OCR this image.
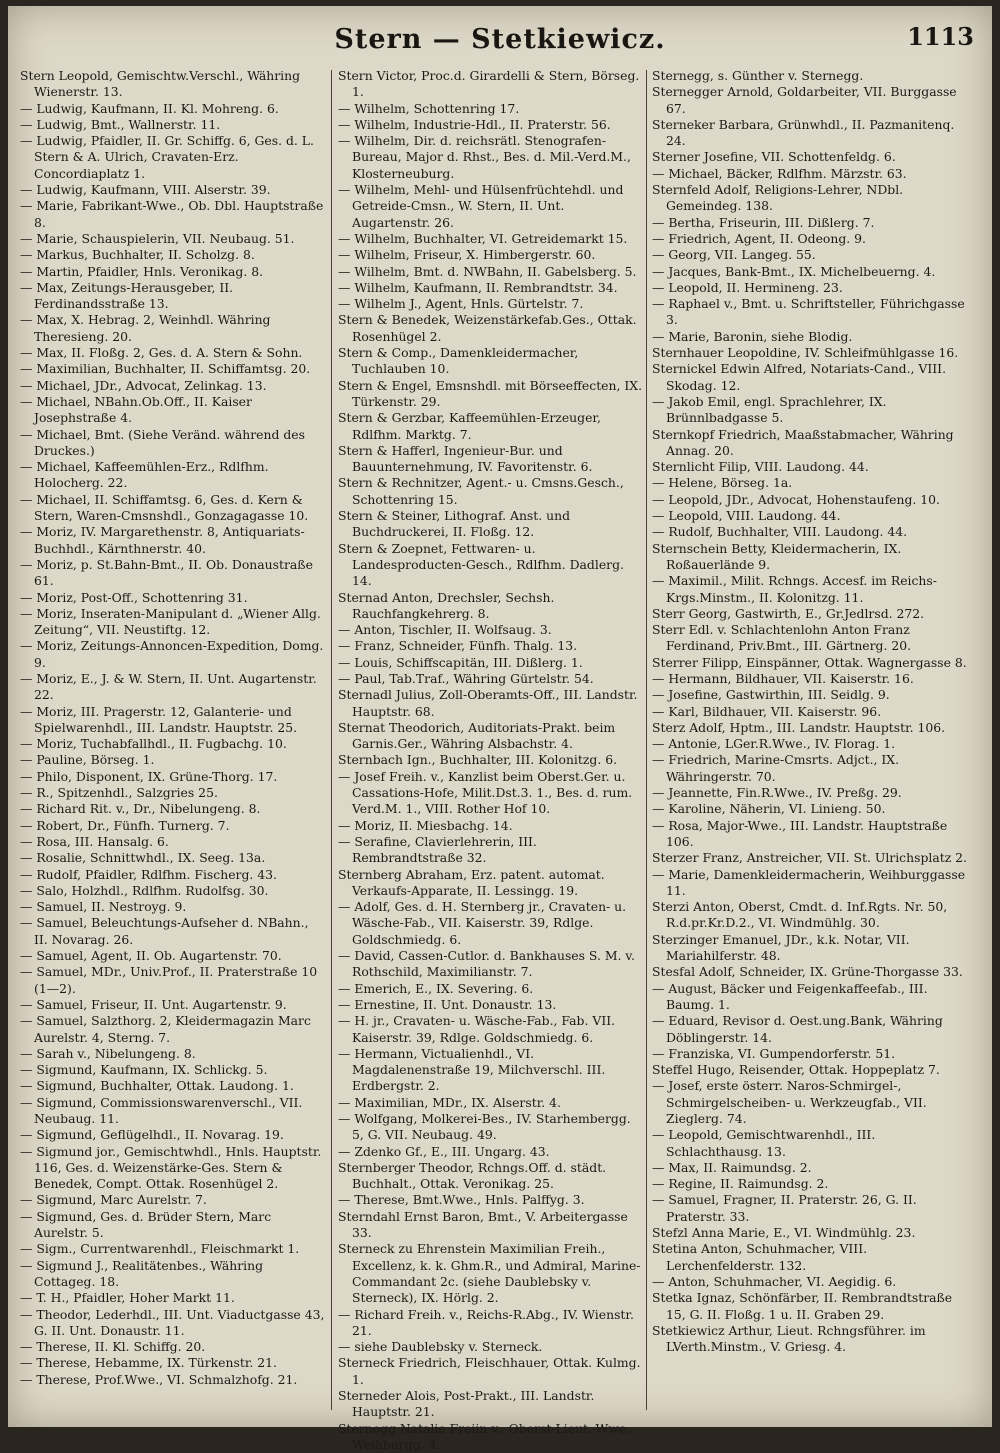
Stern — Stetkiewicz.	1113

Stern Leopold, Gemischtw.Verschl., Währing Wienerstr. 13.

— Ludwig, Kaufmann, II. Kl. Mohreng. 6.

— Ludwig, Bmt., Wallnerstr. 11.

— Ludwig, Pfaidler, II. Gr. Schiffg. 6, Ges. d. L. Stern & A. Ulrich, Cravaten-Erz. Concordiaplatz 1.

— Ludwig, Kaufmann, VIII. Alserstr. 39.

— Marie, Fabrikant-Wwe., Ob. Dbl. Hauptstraße 8.

— Marie, Schauspielerin, VII. Neubaug. 51.

— Markus, Buchhalter, II. Scholzg. 8.

— Martin, Pfaidler, Hnls. Veronikag. 8.

— Max, Zeitungs-Herausgeber, II. Ferdinandsstraße 13.

— Max, X. Hebrag. 2, Weinhdl. Währing Theresieng. 20.

— Max, II. Floßg. 2, Ges. d. A. Stern & Sohn.

— Maximilian, Buchhalter, II. Schiffamtsg. 20.

— Michael, JDr., Advocat, Zelinkag. 13.

— Michael, NBahn.Ob.Off., II. Kaiser Josephstraße 4.

— Michael, Bmt. (Siehe Veränd. während des Druckes.)

— Michael, Kaffeemühlen-Erz., Rdlfhm. Holocherg. 22.

— Michael, II. Schiffamtsg. 6, Ges. d. Kern & Stern, Waren-Cmsnshdl., Gonzagagasse 10.

— Moriz, IV. Margarethenstr. 8, Antiquariats-Buchhdl., Kärnthnerstr. 40.

— Moriz, p. St.Bahn-Bmt., II. Ob. Donaustraße 61.

— Moriz, Post-Off., Schottenring 31.

— Moriz, Inseraten-Manipulant d. „Wiener Allg. Zeitung“, VII. Neustiftg. 12.

— Moriz, Zeitungs-Annoncen-Expedition, Domg. 9.

— Moriz, E., J. & W. Stern, II. Unt. Augartenstr. 22.

— Moriz, III. Pragerstr. 12, Galanterie- und Spielwarenhdl., III. Landstr. Hauptstr. 25.

— Moriz, Tuchabfallhdl., II. Fugbachg. 10.

— Pauline, Börseg. 1.

— Philo, Disponent, IX. Grüne-Thorg. 17.

— R., Spitzenhdl., Salzgries 25.

— Richard Rit. v., Dr., Nibelungeng. 8.

— Robert, Dr., Fünfh. Turnerg. 7.

— Rosa, III. Hansalg. 6.

— Rosalie, Schnittwhdl., IX. Seeg. 13a.

— Rudolf, Pfaidler, Rdlfhm. Fischerg. 43.

— Salo, Holzhdl., Rdlfhm. Rudolfsg. 30.

— Samuel, II. Nestroyg. 9.

— Samuel, Beleuchtungs-Aufseher d. NBahn., II. Novarag. 26.

— Samuel, Agent, II. Ob. Augartenstr. 70.

— Samuel, MDr., Univ.Prof., II. Praterstraße 10 (1—2).

— Samuel, Friseur, II. Unt. Augartenstr. 9.

— Samuel, Salzthorg. 2, Kleidermagazin Marc Aurelstr. 4, Sterng. 7.

— Sarah v., Nibelungeng. 8.

— Sigmund, Kaufmann, IX. Schlickg. 5.

— Sigmund, Buchhalter, Ottak. Laudong. 1.

— Sigmund, Commissionswarenverschl., VII. Neubaug. 11.

— Sigmund, Geflügelhdl., II. Novarag. 19.

— Sigmund jor., Gemischtwhdl., Hnls. Hauptstr. 116, Ges. d. Weizenstärke-Ges. Stern & Benedek, Compt. Ottak. Rosenhügel 2.

— Sigmund, Marc Aurelstr. 7.

— Sigmund, Ges. d. Brüder Stern, Marc Aurelstr. 5.

— Sigm., Currentwarenhdl., Fleischmarkt 1.

— Sigmund J., Realitätenbes., Währing Cottageg. 18.

— T. H., Pfaidler, Hoher Markt 11.

— Theodor, Lederhdl., III. Unt. Viaductgasse 43, G. II. Unt. Donaustr. 11.

— Therese, II. Kl. Schiffg. 20.

— Therese, Hebamme, IX. Türkenstr. 21.

— Therese, Prof.Wwe., VI. Schmalzhofg. 21.

Stern Victor, Proc.d. Girardelli & Stern, Börseg. 1.

— Wilhelm, Schottenring 17.

— Wilhelm, Industrie-Hdl., II. Praterstr. 56.

— Wilhelm, Dir. d. reichsrätl. Stenografen-Bureau, Major d. Rhst., Bes. d. Mil.-Verd.M., Klosterneuburg.

— Wilhelm, Mehl- und Hülsenfrüchtehdl. und Getreide-Cmsn., W. Stern, II. Unt. Augartenstr. 26.

— Wilhelm, Buchhalter, VI. Getreidemarkt 15.

— Wilhelm, Friseur, X. Himbergerstr. 60.

— Wilhelm, Bmt. d. NWBahn, II. Gabelsberg. 5.

— Wilhelm, Kaufmann, II. Rembrandtstr. 34.

— Wilhelm J., Agent, Hnls. Gürtelstr. 7.

Stern & Benedek, Weizenstärkefab.Ges., Ottak. Rosenhügel 2.

Stern & Comp., Damenkleidermacher, Tuchlauben 10.

Stern & Engel, Emsnshdl. mit Börseeffecten, IX. Türkenstr. 29.

Stern & Gerzbar, Kaffeemühlen-Erzeuger, Rdlfhm. Marktg. 7.

Stern & Hafferl, Ingenieur-Bur. und Bauunternehmung, IV. Favoritenstr. 6.

Stern & Rechnitzer, Agent.- u. Cmsns.Gesch., Schottenring 15.

Stern & Steiner, Lithograf. Anst. und Buchdruckerei, II. Floßg. 12.

Stern & Zoepnet, Fettwaren- u. Landesproducten-Gesch., Rdlfhm. Dadlerg. 14.

Sternad Anton, Drechsler, Sechsh. Rauchfangkehrerg. 8.

— Anton, Tischler, II. Wolfsaug. 3.

— Franz, Schneider, Fünfh. Thalg. 13.

— Louis, Schiffscapitän, III. Dißlerg. 1.

— Paul, Tab.Traf., Währing Gürtelstr. 54.

Sternadl Julius, Zoll-Oberamts-Off., III. Landstr. Hauptstr. 68.

Sternat Theodorich, Auditoriats-Prakt. beim Garnis.Ger., Währing Alsbachstr. 4.

Sternbach Ign., Buchhalter, III. Kolonitzg. 6.

— Josef Freih. v., Kanzlist beim Oberst.Ger. u. Cassations-Hofe, Milit.Dst.3. 1., Bes. d. rum. Verd.M. 1., VIII. Rother Hof 10.

— Moriz, II. Miesbachg. 14.

— Serafine, Clavierlehrerin, III. Rembrandtstraße 32.

Sternberg Abraham, Erz. patent. automat. Verkaufs-Apparate, II. Lessingg. 19.

— Adolf, Ges. d. H. Sternberg jr., Cravaten- u. Wäsche-Fab., VII. Kaiserstr. 39, Rdlge. Goldschmiedg. 6.

— David, Cassen-Cutlor. d. Bankhauses S. M. v. Rothschild, Maximilianstr. 7.

— Emerich, E., IX. Severing. 6.

— Ernestine, II. Unt. Donaustr. 13.

— H. jr., Cravaten- u. Wäsche-Fab., Fab. VII. Kaiserstr. 39, Rdlge. Goldschmiedg. 6.

— Hermann, Victualienhdl., VI. Magdalenenstraße 19, Milchverschl. III. Erdbergstr. 2.

— Maximilian, MDr., IX. Alserstr. 4.

— Wolfgang, Molkerei-Bes., IV. Starhembergg. 5, G. VII. Neubaug. 49.

— Zdenko Gf., E., III. Ungarg. 43.

Sternberger Theodor, Rchngs.Off. d. städt. Buchhalt., Ottak. Veronikag. 25.

— Therese, Bmt.Wwe., Hnls. Palffyg. 3.

Sterndahl Ernst Baron, Bmt., V. Arbeitergasse 33.

Sterneck zu Ehrenstein Maximilian Freih., Excellenz, k. k. Ghm.R., und Admiral, Marine-Commandant 2c. (siehe Daublebsky v. Sterneck), IX. Hörlg. 2.

— Richard Freih. v., Reichs-R.Abg., IV. Wienstr. 21.

— siehe Daublebsky v. Sterneck.

Sterneck Friedrich, Fleischhauer, Ottak. Kulmg. 1.

Sterneder Alois, Post-Prakt., III. Landstr. Hauptstr. 21.

Sternegg Natalie Freiin v., Oberst-Lieut.-Wwe., Weihburgg. 4.

Sternegg, s. Günther v. Sternegg.

Sternegger Arnold, Goldarbeiter, VII. Burggasse 67.

Sterneker Barbara, Grünwhdl., II. Pazmanitenq. 24.

Sterner Josefine, VII. Schottenfeldg. 6.

— Michael, Bäcker, Rdlfhm. Märzstr. 63.

Sternfeld Adolf, Religions-Lehrer, NDbl. Gemeindeg. 138.

— Bertha, Friseurin, III. Dißlerg. 7.

— Friedrich, Agent, II. Odeong. 9.

— Georg, VII. Langeg. 55.

— Jacques, Bank-Bmt., IX. Michelbeuerng. 4.

— Leopold, II. Hermineng. 23.

— Raphael v., Bmt. u. Schriftsteller, Führichgasse 3.

— Marie, Baronin, siehe Blodig.

Sternhauer Leopoldine, IV. Schleifmühlgasse 16.

Sternickel Edwin Alfred, Notariats-Cand., VIII. Skodag. 12.

— Jakob Emil, engl. Sprachlehrer, IX. Brünnlbadgasse 5.

Sternkopf Friedrich, Maaßstabmacher, Währing Annag. 20.

Sternlicht Filip, VIII. Laudong. 44.

— Helene, Börseg. 1a.

— Leopold, JDr., Advocat, Hohenstaufeng. 10.

— Leopold, VIII. Laudong. 44.

— Rudolf, Buchhalter, VIII. Laudong. 44.

Sternschein Betty, Kleidermacherin, IX. Roßauerlände 9.

— Maximil., Milit. Rchngs. Accesf. im Reichs-Krgs.Minstm., II. Kolonitzg. 11.

Sterr Georg, Gastwirth, E., Gr.Jedlrsd. 272.

Sterr Edl. v. Schlachtenlohn Anton Franz Ferdinand, Priv.Bmt., III. Gärtnerg. 20.

Sterrer Filipp, Einspänner, Ottak. Wagnergasse 8.

— Hermann, Bildhauer, VII. Kaiserstr. 16.

— Josefine, Gastwirthin, III. Seidlg. 9.

— Karl, Bildhauer, VII. Kaiserstr. 96.

Sterz Adolf, Hptm., III. Landstr. Hauptstr. 106.

— Antonie, LGer.R.Wwe., IV. Florag. 1.

— Friedrich, Marine-Cmsrts. Adjct., IX. Währingerstr. 70.

— Jeannette, Fin.R.Wwe., IV. Preßg. 29.

— Karoline, Näherin, VI. Linieng. 50.

— Rosa, Major-Wwe., III. Landstr. Hauptstraße 106.

Sterzer Franz, Anstreicher, VII. St. Ulrichsplatz 2.

— Marie, Damenkleidermacherin, Weihburggasse 11.

Sterzi Anton, Oberst, Cmdt. d. Inf.Rgts. Nr. 50, R.d.pr.Kr.D.2., VI. Windmühlg. 30.

Sterzinger Emanuel, JDr., k.k. Notar, VII. Mariahilferstr. 48.

Stesfal Adolf, Schneider, IX. Grüne-Thorgasse 33.

— August, Bäcker und Feigenkaffeefab., III. Baumg. 1.

— Eduard, Revisor d. Oest.ung.Bank, Währing Döblingerstr. 14.

— Franziska, VI. Gumpendorferstr. 51.

Steffel Hugo, Reisender, Ottak. Hoppeplatz 7.

— Josef, erste österr. Naros-Schmirgel-, Schmirgelscheiben- u. Werkzeugfab., VII. Zieglerg. 74.

— Leopold, Gemischtwarenhdl., III. Schlachthausg. 13.

— Max, II. Raimundsg. 2.

— Regine, II. Raimundsg. 2.

— Samuel, Fragner, II. Praterstr. 26, G. II. Praterstr. 33.

Stefzl Anna Marie, E., VI. Windmühlg. 23.

Stetina Anton, Schuhmacher, VIII. Lerchenfelderstr. 132.

— Anton, Schuhmacher, VI. Aegidig. 6.

Stetka Ignaz, Schönfärber, II. Rembrandtstraße 15, G. II. Floßg. 1 u. II. Graben 29.

Stetkiewicz Arthur, Lieut. Rchngsführer. im LVerth.Minstm., V. Griesg. 4.
